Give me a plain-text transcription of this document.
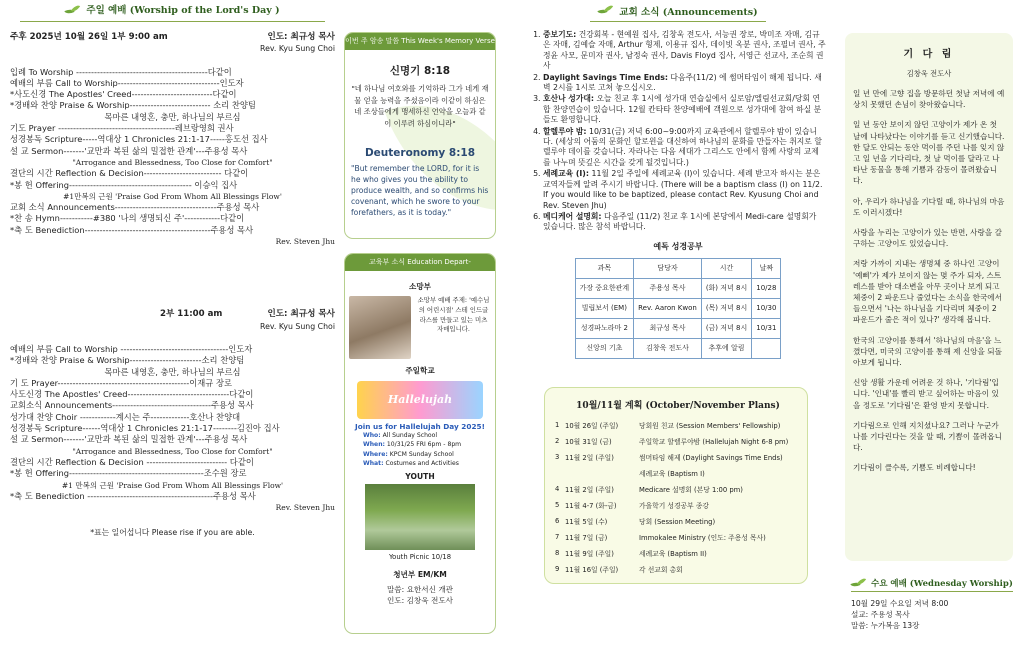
주일 예배 (Worship of the Lord's Day )
주후 2025년 10월 26일 1부 9:00 am	인도: 최규성 목사
Rev. Kyu Sung Choi
입례 To Worship --------------------------------------------다같이
예배의 부름 Call to Worship----------------------------------인도자
*사도신경 The Apostles' Creed---------------------------다같이
*경배와 찬양 Praise & Worship--------------------------- 소리 찬양팀
목마른 내영혼, 충만, 하나님의 부르심
기도 Prayer ---------------------------------------레브랑영희 권사
성경봉독 Scripture-----역대상 1 Chronicles 21:1-17-----홍도선 집사
설 교 Sermon-------'교만과 복된 삶의 밀접한 관계'---주용성 목사
"Arrogance and Blessedness, Too Close for Comfort"
결단의 시간 Reflection & Decision-------------------------- 다같이
*봉 헌 Offering----------------------------------------- 이승익 집사
#1만복의 근원 'Praise God From Whom All Blessings Flow'
교회 소식 Announcements----------------------------------주용성 목사
*찬 송 Hymn-----------#380 '나의 생명되신 주'------------다같이
*축 도 Benediction------------------------------------------주용성 목사
Rev. Steven Jhu
2부 11:00 am	인도: 최규성 목사
Rev. Kyu Sung Choi
예배의 부름 Call to Worship ------------------------------------인도자
*경배와 찬양 Praise & Worship------------------------소리 찬양팀
목마른 내영혼, 충만, 하나님의 부르심
기 도 Prayer--------------------------------------------이재규 장로
사도신경 The Apostles' Creed----------------------------------다같이
교회소식 Announcements---------------------------------주용성 목사
성가대 찬양 Choir ------------계시는 주-------------호산나 찬양대
성경봉독 Scripture------역대상 1 Chronicles 21:1-17--------김진아 집사
설 교 Sermon-------'교만과 복된 삶의 밀접한 관계'---주용성 목사
"Arrogance and Blessedness, Too Close for Comfort"
결단의 시간 Reflection & Decision --------------------------- 다같이
*봉 헌 Offering---------------------------------------------조수원 장로
#1 만복의 근원 'Praise God From Whom All Blessings Flow'
*축 도 Benediction ------------------------------------------주용성 목사
Rev. Steven Jhu
*표는 일어섭니다 Please rise if you are able.
이번 주 암송 말씀 This Week's Memory Verse
신명기 8:18
"네 하나님 여호와를 기억하라 그가 네게 재물 얻을 능력을 주셨음이라 이같이 하심은 네 조상들에게 맹세하신 언약을 오늘과 같이 이루려 하심이니라"
Deuteronomy 8:18
"But remember the LORD, for it is he who gives you the ability to produce wealth, and so confirms his covenant, which he swore to your forefathers, as it is today."
교육부 소식 Education Depart-
소망부
소망부 예배 주제: '예수님의 어린시절' 스테 인드글라스를 만들고 있는 미츠 자매입니다.
주일학교
Hallelujah
Join us for Hallelujah Day 2025!
Who: All Sunday School
When: 10/31/25 FRI 6pm - 8pm
Where: KPCM Sunday School
What: Costumes and Activities
YOUTH
Youth Picnic 10/18
청년부 EM/KM
말씀: 요한서신 개관
인도: 김창욱 전도사
교회 소식 (Announcements)
1. 중보기도: 건강회복 - 현예원 집사, 김창욱 전도사, 서능권 장로, 박미조 자매, 김규은 자매, 김예슬 자매, Arthur 형제, 이용규 집사, 데이빗 옥분 권사, 조필녀 권사, 주정윤 사모, 문미자 권사, 남정숙 권사, Davis Floyd 집사, 서영근 선교사, 조순희 권사
2. Daylight Savings Time Ends: 다음주(11/2) 에 썸머타임이 해제 됩니다. 새벽 2시를 1시로 고쳐 놓으십시오.
3. 호산나 성가대: 오늘 친교 후 1시에 성가대 연습실에서 실로암/엘림선교회/당회 연합 찬양연습이 있습니다. 12월 칸타타 찬양예배에 객원으로 성가대에 참여 하실 분들도 환영합니다.
4. 할렐루야 밤: 10/31(금) 저녁 6:00~9:00까지 교육관에서 할렐루야 밤이 있습니다. (세상의 어둠의 문화인 할로윈을 대신하여 하나님의 문화를 만들자는 취지로 할렐루야 데이를 갖습니다. 자라나는 다음 세대가 그리스도 안에서 함께 사랑의 교제를 나누며 뜻깊은 시간을 갖게 될것입니다.)
5. 세례교육 (I): 11월 2일 주일에 세례교육 (I)이 있습니다. 세례 받고자 하시는 분은 교역자들께 알려 주시기 바랍니다. (There will be a baptism class (I) on 11/2. If you would like to be baptized, please contact Rev. Kyusung Choi and Rev. Steven Jhu)
6. 메디케어 설명회: 다음주일 (11/2) 친교 후 1시에 본당에서 Medi-care 설명회가 있습니다. 많은 참석 바랍니다.
예독 성경공부
과목	담당자	시간	날짜
가장 중요한관계	주용성 목사	(화) 저녁 8시	10/28
빌립보서 (EM)	Rev. Aaron Kwon	(목) 저녁 8시	10/30
성경파노라마 2	최규성 목사	(금) 저녁 8시	10/31
신앙의 기초	김창욱 전도사	추후에 알림	
10월/11월 계획 (October/November Plans)
1 10월 26일 (주일)	당회원 친교 (Session Members' Fellowship)
2 10월 31일 (금)	주일학교 할렐루야밤 (Hallelujah Night 6-8 pm)
3 11월 2일 (주일)	썸머타임 해제 (Daylight Savings Time Ends)
세례교육 (Baptism I)
4 11월 2일 (주일)	Medicare 설명회 (본당 1:00 pm)
5 11월 4-7 (화-금)	가을학기 성경공부 종강
6 11월 5일 (수)	당회 (Session Meeting)
7 11월 7일 (금)	Immokalee Ministry (인도: 주용성 목사)
8 11월 9일 (주일)	세례교육 (Baptism II)
9 11월 16일 (주일)	각 선교회 총회
기 다 림
김창욱 전도사

일 년 만에 고향 집을 방문하던 첫날 저녁에 예상치 못했던 손님이 찾아왔습니다.

일 년 동안 보이지 않던 고양이가 제가 온 첫 날에 나타났다는 이야기를 듣고 신기했습니다. 한 달도 안되는 동안 먹이를 주던 나를 잊지 않고 일 년을 기다리다, 첫 날 먹이를 달라고 나타난 동물을 통해 기쁨과 감동이 몰려왔습니다.

아, 우리가 하나님을 기다릴 때, 하나님의 마음도 이러시겠다!

사랑을 누리는 고양이가 있는 반면, 사랑을 갈구하는 고양이도 있었습니다.

저랑 가까이 지내는 생명체 중 하나인 고양이 '예삐'가 제가 보이지 않는 몇 주가 되자, 스트레스를 받아 대소변을 아무 곳이나 보게 되고 체중이 2 파운드나 줄었다는 소식을 한국에서 들으면서 '나는 하나님을 기다리며 체중이 2 파운드가 줄은 적이 있나?' 생각해 봅니다.

한국의 고양이를 통해서 '하나님의 마음'을 느꼈다면, 미국의 고양이를 통해 제 신앙을 되돌아보게 됩니다.

신앙 생활 가운데 어려운 것 하나, '기다림'입니다. '인내'를 빨리 받고 싶어하는 마음이 있을 정도로 '기다림'은 환영 받지 못합니다.

기다림으로 인해 지치셨나요? 그러나 누군가 나를 기다린다는 것을 알 때, 기쁨이 몰려옵니다.

기다림이 클수록, 기쁨도 비례합니다!

수요 예배 (Wednesday Worship)
10월 29일 수요일 저녁 8:00
설교: 주용성 목사
말씀: 누가복음 13장
